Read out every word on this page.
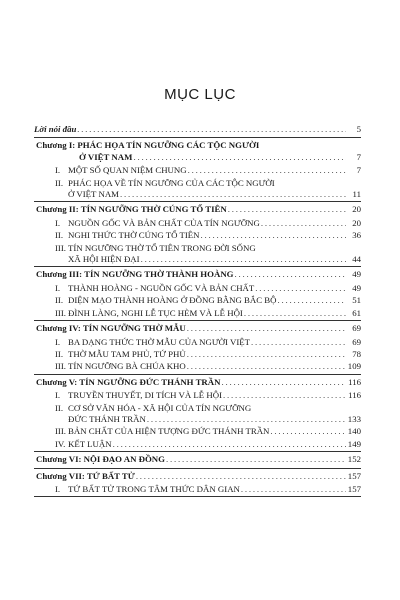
MỤC LỤC
Lời nói đầu . . .	5
Chương I: PHÁC HỌA TÍN NGƯỠNG CÁC TỘC NGƯỜI
Ở VIỆT NAM . . .	7
I. MỘT SỐ QUAN NIỆM CHUNG . . .	7
II. PHÁC HỌA VỀ TÍN NGƯỠNG CỦA CÁC TỘC NGƯỜI
Ở VIỆT NAM . . .	11
Chương II: TÍN NGƯỠNG THỜ CÚNG TỔ TIÊN . . .	20
I. NGUỒN GỐC VÀ BẢN CHẤT CỦA TÍN NGƯỠNG . . .	20
II. NGHI THỨC THỜ CÚNG TỔ TIÊN . . .	36
III. TÍN NGƯỠNG THỜ TỔ TIÊN TRONG ĐỜI SỐNG
XÃ HỘI HIỆN ĐẠI . . .	44
Chương III: TÍN NGƯỠNG THỜ THÀNH HOÀNG . . .	49
I. THÀNH HOÀNG - NGUỒN GỐC VÀ BẢN CHẤT . . .	49
II. DIỆN MẠO THÀNH HOÀNG Ở ĐỒNG BẰNG BẮC BỘ . . .	51
III. ĐÌNH LÀNG, NGHI LỄ TỤC HÈM VÀ LỄ HỘI . . .	61
Chương IV: TÍN NGƯỠNG THỜ MẪU . . .	69
I. BA DẠNG THỨC THỜ MẪU CỦA NGƯỜI VIỆT . . .	69
II. THỜ MẪU TAM PHỦ, TỨ PHỦ . . .	78
III. TÍN NGƯỠNG BÀ CHÚA KHO . . .	109
Chương V: TÍN NGƯỠNG ĐỨC THÁNH TRẦN . . .	116
I. TRUYỀN THUYẾT, DI TÍCH VÀ LỄ HỘI . . .	116
II. CƠ SỞ VĂN HÓA - XÃ HỘI CỦA TÍN NGƯỠNG
ĐỨC THÁNH TRẦN . . .	133
III. BẢN CHẤT CỦA HIỆN TƯỢNG ĐỨC THÁNH TRẦN . . .	140
IV. KẾT LUẬN . . .	149
Chương VI: NỘI ĐẠO AN ĐỒNG . . .	152
Chương VII: TỨ BẤT TỬ . . .	157
I. TỨ BẤT TỬ TRONG TÂM THỨC DÂN GIAN . . .	157
